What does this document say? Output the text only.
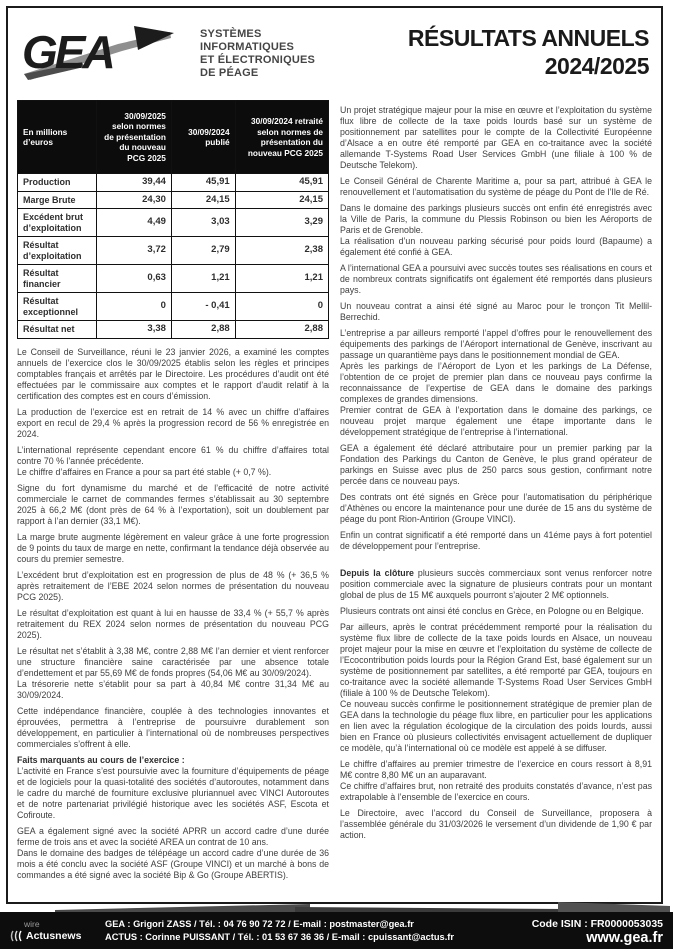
GEA	SYSTÈMES
INFORMATIQUES
ET ÉLECTRONIQUES
DE PÉAGE
RÉSULTATS ANNUELS
2024/2025
En millions d’euros	30/09/2025 selon normes de présentation du nouveau PCG 2025	30/09/2024 publié	30/09/2024 retraité selon normes de présentation du nouveau PCG 2025
Production	39,44	45,91	45,91
Marge Brute	24,30	24,15	24,15
Excédent brut d’exploitation	4,49	3,03	3,29
Résultat d’exploitation	3,72	2,79	2,38
Résultat financier	0,63	1,21	1,21
Résultat exceptionnel	0	- 0,41	0
Résultat net	3,38	2,88	2,88
Le Conseil de Surveillance, réuni le 23 janvier 2026, a examiné les comptes annuels de l’exercice clos le 30/09/2025 établis selon les règles et principes comptables français et arrêtés par le Directoire. Les procédures d’audit ont été effectuées par le commissaire aux comptes et le rapport d’audit relatif à la certification des comptes est en cours d’émission.
La production de l’exercice est en retrait de 14 % avec un chiffre d’affaires export en recul de 29,4 % après la progression record de 56 % enregistrée en 2024.
L’international représente cependant encore 61 % du chiffre d’affaires total contre 70 % l’année précédente.
Le chiffre d’affaires en France a pour sa part été stable (+ 0,7 %).
Signe du fort dynamisme du marché et de l’efficacité de notre activité commerciale le carnet de commandes fermes s’établissait au 30 septembre 2025 à 66,2 M€ (dont près de 64 % à l’exportation), soit un doublement par rapport à l’an dernier (33,1 M€).
La marge brute augmente légèrement en valeur grâce à une forte progression de 9 points du taux de marge en nette, confirmant la tendance déjà observée au cours du premier semestre.
L’excédent brut d’exploitation est en progression de plus de 48 % (+ 36,5 % après retraitement de l’EBE 2024 selon normes de présentation du nouveau PCG 2025).
Le résultat d’exploitation est quant à lui en hausse de 33,4 % (+ 55,7 % après retraitement du REX 2024 selon normes de présentation du nouveau PCG 2025).
Le résultat net s’établit à 3,38 M€, contre 2,88 M€ l’an dernier et vient renforcer une structure financière saine caractérisée par une absence totale d’endettement et par 55,69 M€ de fonds propres (54,06 M€ au 30/09/2024).
La trésorerie nette s’établit pour sa part à 40,84 M€ contre 31,34 M€ au 30/09/2024.
Cette indépendance financière, couplée à des technologies innovantes et éprouvées, permettra à l’entreprise de poursuivre durablement son développement, en particulier à l’international où de nombreuses perspectives commerciales s’offrent à elle.
Faits marquants au cours de l’exercice :
L’activité en France s’est poursuivie avec la fourniture d’équipements de péage et de logiciels pour la quasi-totalité des sociétés d’autoroutes, notamment dans le cadre du marché de fourniture exclusive pluriannuel avec VINCI Autoroutes et de notre partenariat privilégié historique avec les sociétés ASF, Escota et Cofiroute.
GEA a également signé avec la société APRR un accord cadre d’une durée ferme de trois ans et avec la société AREA un contrat de 10 ans.
Dans le domaine des badges de télépéage un accord cadre d’une durée de 36 mois a été conclu avec la société ASF (Groupe VINCI) et un marché à bons de commandes a été signé avec la société Bip & Go (Groupe ABERTIS).
Un projet stratégique majeur pour la mise en œuvre et l’exploitation du système flux libre de collecte de la taxe poids lourds basé sur un système de positionnement par satellites pour le compte de la Collectivité Européenne d’Alsace a en outre été remporté par GEA en co-traitance avec la société allemande T-Systems Road User Services GmbH (une filiale à 100 % de Deutsche Telekom).
Le Conseil Général de Charente Maritime a, pour sa part, attribué à GEA le renouvellement et l’automatisation du système de péage du Pont de l’Ile de Ré.
Dans le domaine des parkings plusieurs succès ont enfin été enregistrés avec la Ville de Paris, la commune du Plessis Robinson ou bien les Aéroports de Paris et de Grenoble.
La réalisation d’un nouveau parking sécurisé pour poids lourd (Bapaume) a également été confié à GEA.
A l’international GEA a poursuivi avec succès toutes ses réalisations en cours et de nombreux contrats significatifs ont également été remportés dans plusieurs pays.
Un nouveau contrat a ainsi été signé au Maroc pour le tronçon Tit Mellil-Berrechid.
L’entreprise a par ailleurs remporté l’appel d’offres pour le renouvellement des équipements des parkings de l’Aéroport international de Genève, inscrivant au passage un quarantième pays dans le positionnement mondial de GEA.
Après les parkings de l’Aéroport de Lyon et les parkings de La Défense, l’obtention de ce projet de premier plan dans ce nouveau pays confirme la reconnaissance de l’expertise de GEA dans le domaine des parkings complexes de grandes dimensions.
Premier contrat de GEA à l’exportation dans le domaine des parkings, ce nouveau projet marque également une étape importante dans le développement stratégique de l’entreprise à l’international.
GEA a également été déclaré attributaire pour un premier parking par la Fondation des Parkings du Canton de Genève, le plus grand opérateur de parkings en Suisse avec plus de 250 parcs sous gestion, confirmant notre percée dans ce nouveau pays.
Des contrats ont été signés en Grèce pour l’automatisation du périphérique d’Athènes ou encore la maintenance pour une durée de 15 ans du système de péage du pont Rion-Antirion (Groupe VINCI).
Enfin un contrat significatif a été remporté dans un 41éme pays à fort potentiel de développement pour l’entreprise.
Depuis la clôture plusieurs succès commerciaux sont venus renforcer notre position commerciale avec la signature de plusieurs contrats pour un montant global de plus de 15 M€ auxquels pourront s’ajouter 2 M€ optionnels.
Plusieurs contrats ont ainsi été conclus en Grèce, en Pologne ou en Belgique.
Par ailleurs, après le contrat précédemment remporté pour la réalisation du système flux libre de collecte de la taxe poids lourds en Alsace, un nouveau projet majeur pour la mise en œuvre et l’exploitation du système de collecte de l’Ecocontribution poids lourds pour la Région Grand Est, basé également sur un système de positionnement par satellites, a été remporté par GEA, toujours en co-traitance avec la société allemande T-Systems Road User Services GmbH (filiale à 100 % de Deutsche Telekom).
Ce nouveau succès confirme le positionnement stratégique de premier plan de GEA dans la technologie du péage flux libre, en particulier pour les applications en lien avec la régulation écologique de la circulation des poids lourds, aussi bien en France où plusieurs collectivités envisagent actuellement de dupliquer ce modèle, qu’à l’international où ce modèle est appelé à se diffuser.
Le chiffre d’affaires au premier trimestre de l’exercice en cours ressort à 8,91 M€ contre 8,80 M€ un an auparavant.
Ce chiffre d’affaires brut, non retraité des produits constatés d’avance, n’est pas extrapolable à l’ensemble de l’exercice en cours.
Le Directoire, avec l’accord du Conseil de Surveillance, proposera à l’assemblée générale du 31/03/2026 le versement d’un dividende de 1,90 € par action.
wire
Actusnews
GEA : Grigori ZASS / Tél. : 04 76 90 72 72 / E-mail : postmaster@gea.fr
ACTUS : Corinne PUISSANT / Tél. : 01 53 67 36 36 / E-mail : cpuissant@actus.fr
Code ISIN : FR0000053035
www.gea.fr
